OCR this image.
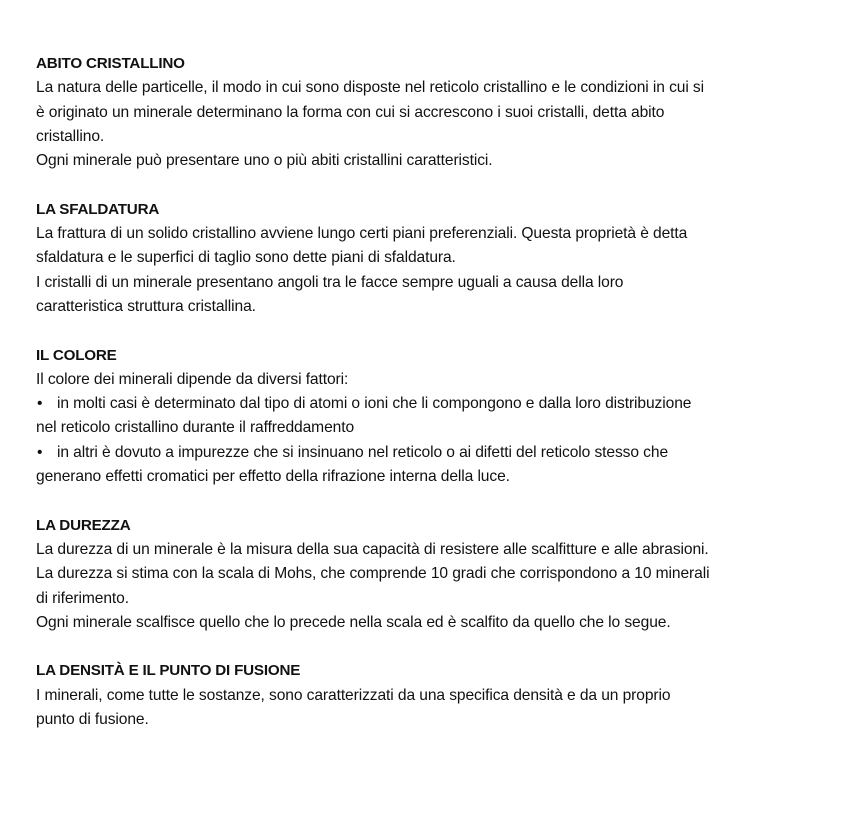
ABITO CRISTALLINO
La natura delle particelle, il modo in cui sono disposte nel reticolo cristallino e le condizioni in cui si
è originato un minerale determinano la forma con cui si accrescono i suoi cristalli, detta abito
cristallino.
Ogni minerale può presentare uno o più abiti cristallini caratteristici.
LA SFALDATURA
La frattura di un solido cristallino avviene lungo certi piani preferenziali. Questa proprietà è detta
sfaldatura e le superfici di taglio sono dette piani di sfaldatura.
I cristalli di un minerale presentano angoli tra le facce sempre uguali a causa della loro
caratteristica struttura cristallina.
IL COLORE
Il colore dei minerali dipende da diversi fattori:
• in molti casi è determinato dal tipo di atomi o ioni che li compongono e dalla loro distribuzione
nel reticolo cristallino durante il raffreddamento
• in altri è dovuto a impurezze che si insinuano nel reticolo o ai difetti del reticolo stesso che
generano effetti cromatici per effetto della rifrazione interna della luce.
LA DUREZZA
La durezza di un minerale è la misura della sua capacità di resistere alle scalfitture e alle abrasioni.
La durezza si stima con la scala di Mohs, che comprende 10 gradi che corrispondono a 10 minerali
di riferimento.
Ogni minerale scalfisce quello che lo precede nella scala ed è scalfito da quello che lo segue.
LA DENSITÀ E IL PUNTO DI FUSIONE
I minerali, come tutte le sostanze, sono caratterizzati da una specifica densità e da un proprio
punto di fusione.
